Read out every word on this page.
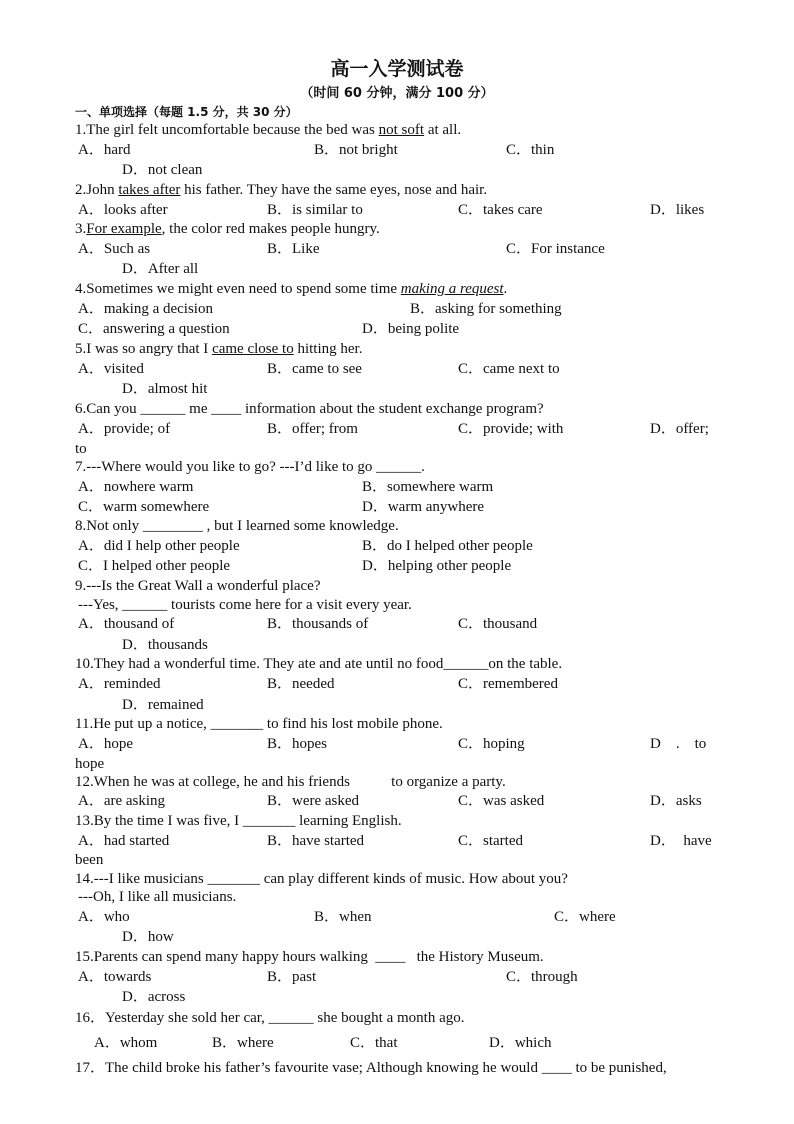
高一入学测试卷
（时间 60 分钟，满分 100 分）
一、单项选择（每题 1.5 分，共 30 分）
1.The girl felt uncomfortable because the bed was not soft at all.
A．hard	B．not bright	C．thin
D．not clean
2.John takes after his father. They have the same eyes, nose and hair.
A．looks after	B．is similar to	C．takes care	D．likes
3.For example, the color red makes people hungry.
A．Such as	B．Like	C．For instance
D．After all
4.Sometimes we might even need to spend some time making a request.
A．making a decision	B．asking for something
C．answering a question	D．being polite
5.I was so angry that I came close to hitting her.
A．visited	B．came to see	C．came next to
D．almost hit
6.Can you ______ me ____ information about the student exchange program?
A．provide; of	B．offer; from	C．provide; with	D．offer;
to
7.---Where would you like to go? ---I’d like to go ______.
A．nowhere warm	B．somewhere warm
C．warm somewhere	D．warm anywhere
8.Not only ________ , but I learned some knowledge.
A．did I help other people	B．do I helped other people
C．I helped other people	D．helping other people
9.---Is the Great Wall a wonderful place?
---Yes, ______ tourists come here for a visit every year.
A．thousand of	B．thousands of	C．thousand
D．thousands
10.They had a wonderful time. They ate and ate until no food______on the table.
A．reminded	B．needed	C．remembered
D．remained
11.He put up a notice, _______ to find his lost mobile phone.
A．hope	B．hopes	C．hoping	D    .    to
hope
12.When he was at college, he and his friends           to organize a party.
A．are asking	B．were asked	C．was asked	D．asks
13.By the time I was five, I _______ learning English.
A．had started	B．have started	C．started	D．  have
been
14.---I like musicians _______ can play different kinds of music. How about you?
---Oh, I like all musicians.
A．who	B．when	C．where
D．how
15.Parents can spend many happy hours walking  ____   the History Museum.
A．towards	B．past	C．through
D．across
16．Yesterday she sold her car, ______ she bought a month ago.
A．whom	B．where	C．that	D．which
17．The child broke his father’s favourite vase; Although knowing he would ____ to be punished,
